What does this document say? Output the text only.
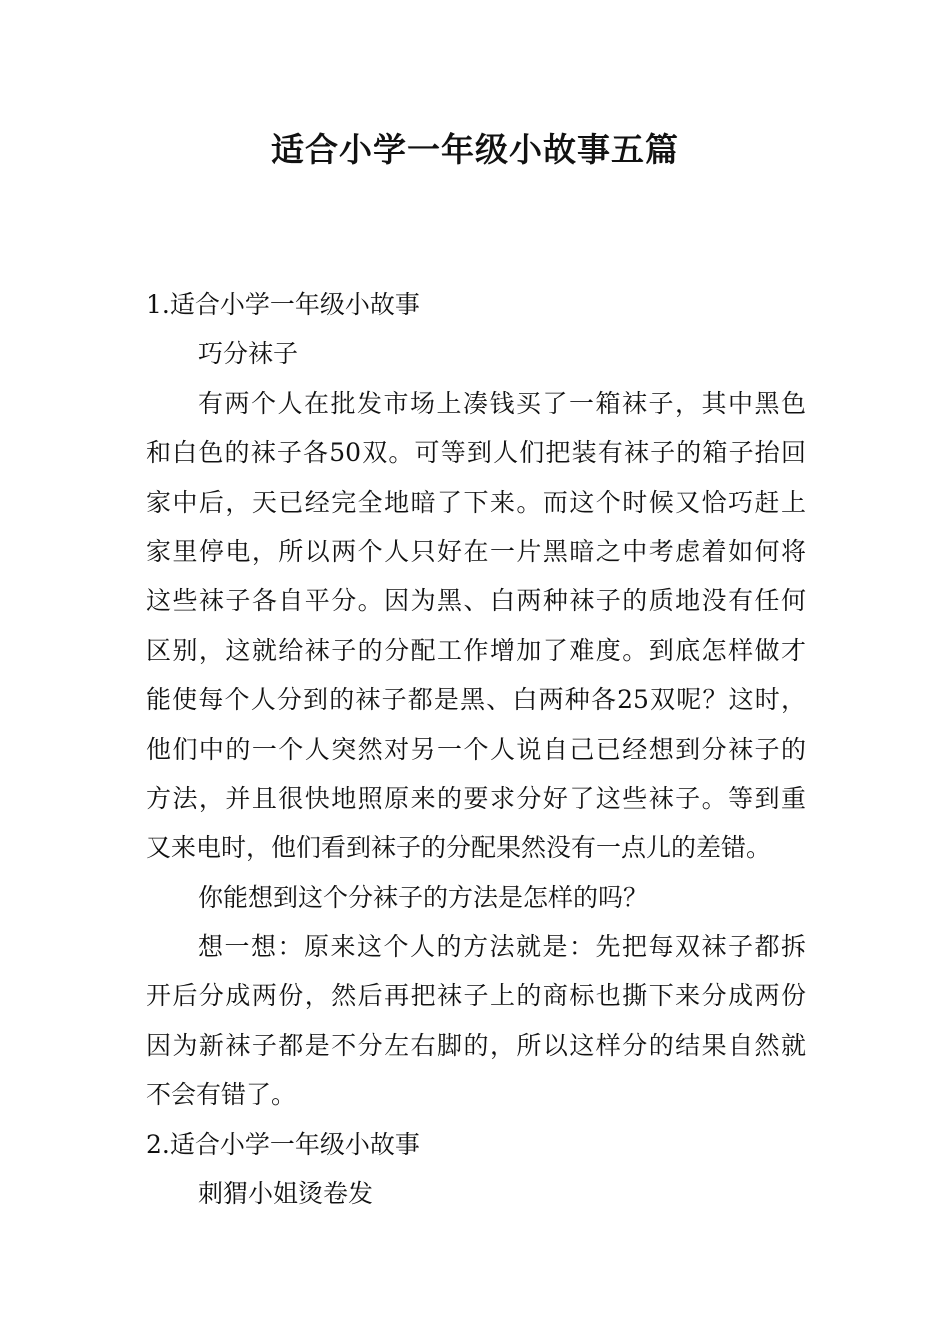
适合小学一年级小故事五篇
1.适合小学一年级小故事
巧分袜子
有两个人在批发市场上凑钱买了一箱袜子，其中黑色
和白色的袜子各50双。可等到人们把装有袜子的箱子抬回
家中后，天已经完全地暗了下来。而这个时候又恰巧赶上
家里停电，所以两个人只好在一片黑暗之中考虑着如何将
这些袜子各自平分。因为黑、白两种袜子的质地没有任何
区别，这就给袜子的分配工作增加了难度。到底怎样做才
能使每个人分到的袜子都是黑、白两种各25双呢？这时，
他们中的一个人突然对另一个人说自己已经想到分袜子的
方法，并且很快地照原来的要求分好了这些袜子。等到重
又来电时，他们看到袜子的分配果然没有一点儿的差错。
你能想到这个分袜子的方法是怎样的吗？
想一想：原来这个人的方法就是：先把每双袜子都拆
开后分成两份，然后再把袜子上的商标也撕下来分成两份
因为新袜子都是不分左右脚的，所以这样分的结果自然就
不会有错了。
2.适合小学一年级小故事
刺猬小姐烫卷发
